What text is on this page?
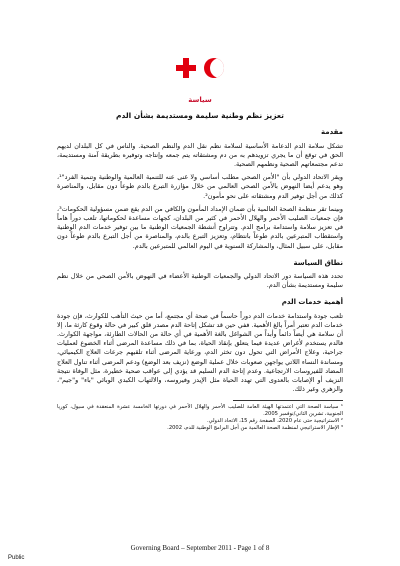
سياسة

تعزيز نظم وطنية سليمة ومستديمة بشأن الدم

مقدمة

تشكل سلامة الدم الدعامة الأساسية لسلامة نظم نقل الدم والنظم الصحية. والناس في كل البلدان لديهم الحق في توقع أن ما يجري تزويدهم به من دم ومشتقاته يتم جمعه وإنتاجه وتوفيره بطريقة آمنة ومستديمة، تدعم مجتمعاتهم الصحية ونظمهم الصحية.

ويقر الاتحاد الدولي بأن "الأمن الصحي مطلب أساسي ولا غنى عنه للتنمية العالمية والوطنية وتنمية الفرد"¹، وهو يدعم أيضا النهوض بالأمن الصحي العالمي من خلال مؤازرة التبرع بالدم طوعاً دون مقابل، والمناصرة كذلك من أجل توفير الدم ومشتقاته على نحو مأمون².

وبينما تقر منظمة الصحة العالمية بأن ضمان الإمداد المأمون والكافي من الدم يقع ضمن مسؤولية الحكومات³، فإن جمعيات الصليب الأحمر والهلال الأحمر في كثير من البلدان، كجهات مساعدة لحكوماتها، تلعب دوراً هاماً في تعزيز سلامة واستدامة برامج الدم. وتتراوح أنشطة الجمعيات الوطنية ما بين توفير خدمات الدم الوطنية واستقطاب المتبرعين بالدم طوعاً بانتظام، وتعزيز التبرع بالدم، والمناصرة من أجل التبرع بالدم طوعاً دون مقابل، على سبيل المثال، والمشاركة السنوية في اليوم العالمي للمتبرعين بالدم.

نطاق السياسة

تحدد هذه السياسة دور الاتحاد الدولي والجمعيات الوطنية الأعضاء في النهوض بالأمن الصحي من خلال نظم سليمة ومستديمة بشأن الدم.

أهمية خدمات الدم

تلعب جودة واستدامة خدمات الدم دوراً حاسماً في صحة أي مجتمع، أما من حيث التأهب للكوارث، فإن جودة خدمات الدم تعتبر أمراً بالغ الأهمية. ففي حين قد تشكل إتاحة الدم مصدر قلق كبير في حالة وقوع كارثة ما، إلا أن سلامة هي أيضاً دائماً وأبداً من الشواغل بالغة الأهمية في أي حالة من الحالات الطارئة، مواجهة الكوارث. فالدم يستخدم لأغراض عديدة فيما يتعلق بإنقاذ الحياة، بما في ذلك مساعدة المرضى أثناء الخضوع لعمليات جراحية، وعلاج الأمراض التي تحول دون تخثر الدم، ورعاية المرضى أثناء تلقيهم جرعات العلاج الكيميائي، ومساندة النساء اللاتي يواجهن صعوبات خلال عملية الوضع (نزيف بعد الوضع) ودعم المرضى أثناء تناول العلاج المضاد للفيروسات الارتجاعية. وعدم إتاحة الدم السليم قد يؤدي إلى عواقب صحية خطيرة، مثل الوفاة نتيجة النزيف أو الإصابات بالعدوى التي تهدد الحياة مثل الإيدز وفيروسه، والالتهاب الكبدي الوبائي "باء" و"جيم"، والزهري وغير ذلك.

¹ سياسة الصحة التي اعتمدتها الهيئة العامة للصليب الأحمر والهلال الأحمر في دورتها الخامسة عشرة المنعقدة في سيول، كوريا الجنوبية، تشرين الثاني/نوفمبر 2005.

² الاستراتيجية حتى عام 2020، الصفحة رقم 15، الاتحاد الدولي.

³ الإطار الاستراتيجي لمنظمة الصحة العالمية من أجل البرامج الوطنية للدم، 2002.

Governing Board – September 2011 - Page 1 of 8
Public
